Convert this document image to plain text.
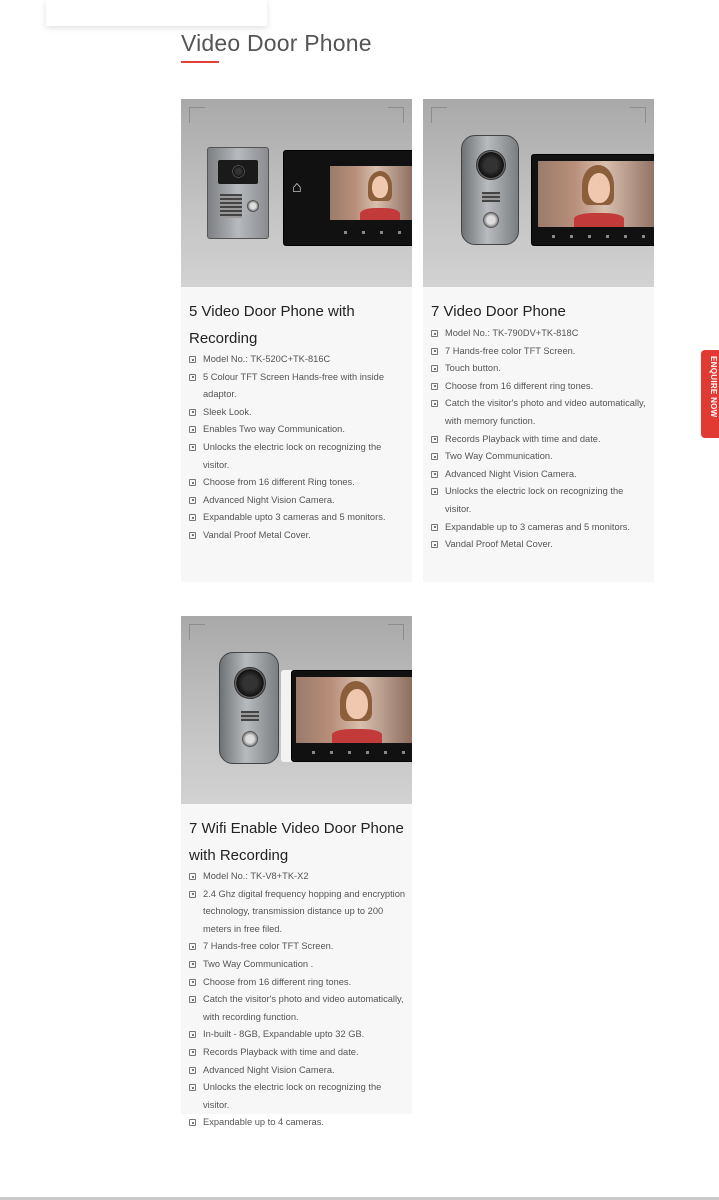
Video Door Phone
⌂
5 Video Door Phone with
Recording
Model No.: TK-520C+TK-816C
5 Colour TFT Screen Hands-free with inside adaptor.
Sleek Look.
Enables Two way Communication.
Unlocks the electric lock on recognizing the visitor.
Choose from 16 different Ring tones.
Advanced Night Vision Camera.
Expandable upto 3 cameras and 5 monitors.
Vandal Proof Metal Cover.
7 Video Door Phone
Model No.: TK-790DV+TK-818C
7 Hands-free color TFT Screen.
Touch button.
Choose from 16 different ring tones.
Catch the visitor's photo and video automatically, with memory function.
Records Playback with time and date.
Two Way Communication.
Advanced Night Vision Camera.
Unlocks the electric lock on recognizing the visitor.
Expandable up to 3 cameras and 5 monitors.
Vandal Proof Metal Cover.
7 Wifi Enable Video Door Phone
with Recording
Model No.: TK-V8+TK-X2
2.4 Ghz digital frequency hopping and encryption technology, transmission distance up to 200 meters in free filed.
7 Hands-free color TFT Screen.
Two Way Communication .
Choose from 16 different ring tones.
Catch the visitor's photo and video automatically, with recording function.
In-built - 8GB, Expandable upto 32 GB.
Records Playback with time and date.
Advanced Night Vision Camera.
Unlocks the electric lock on recognizing the visitor.
Expandable up to 4 cameras.
ENQUIRE NOW
